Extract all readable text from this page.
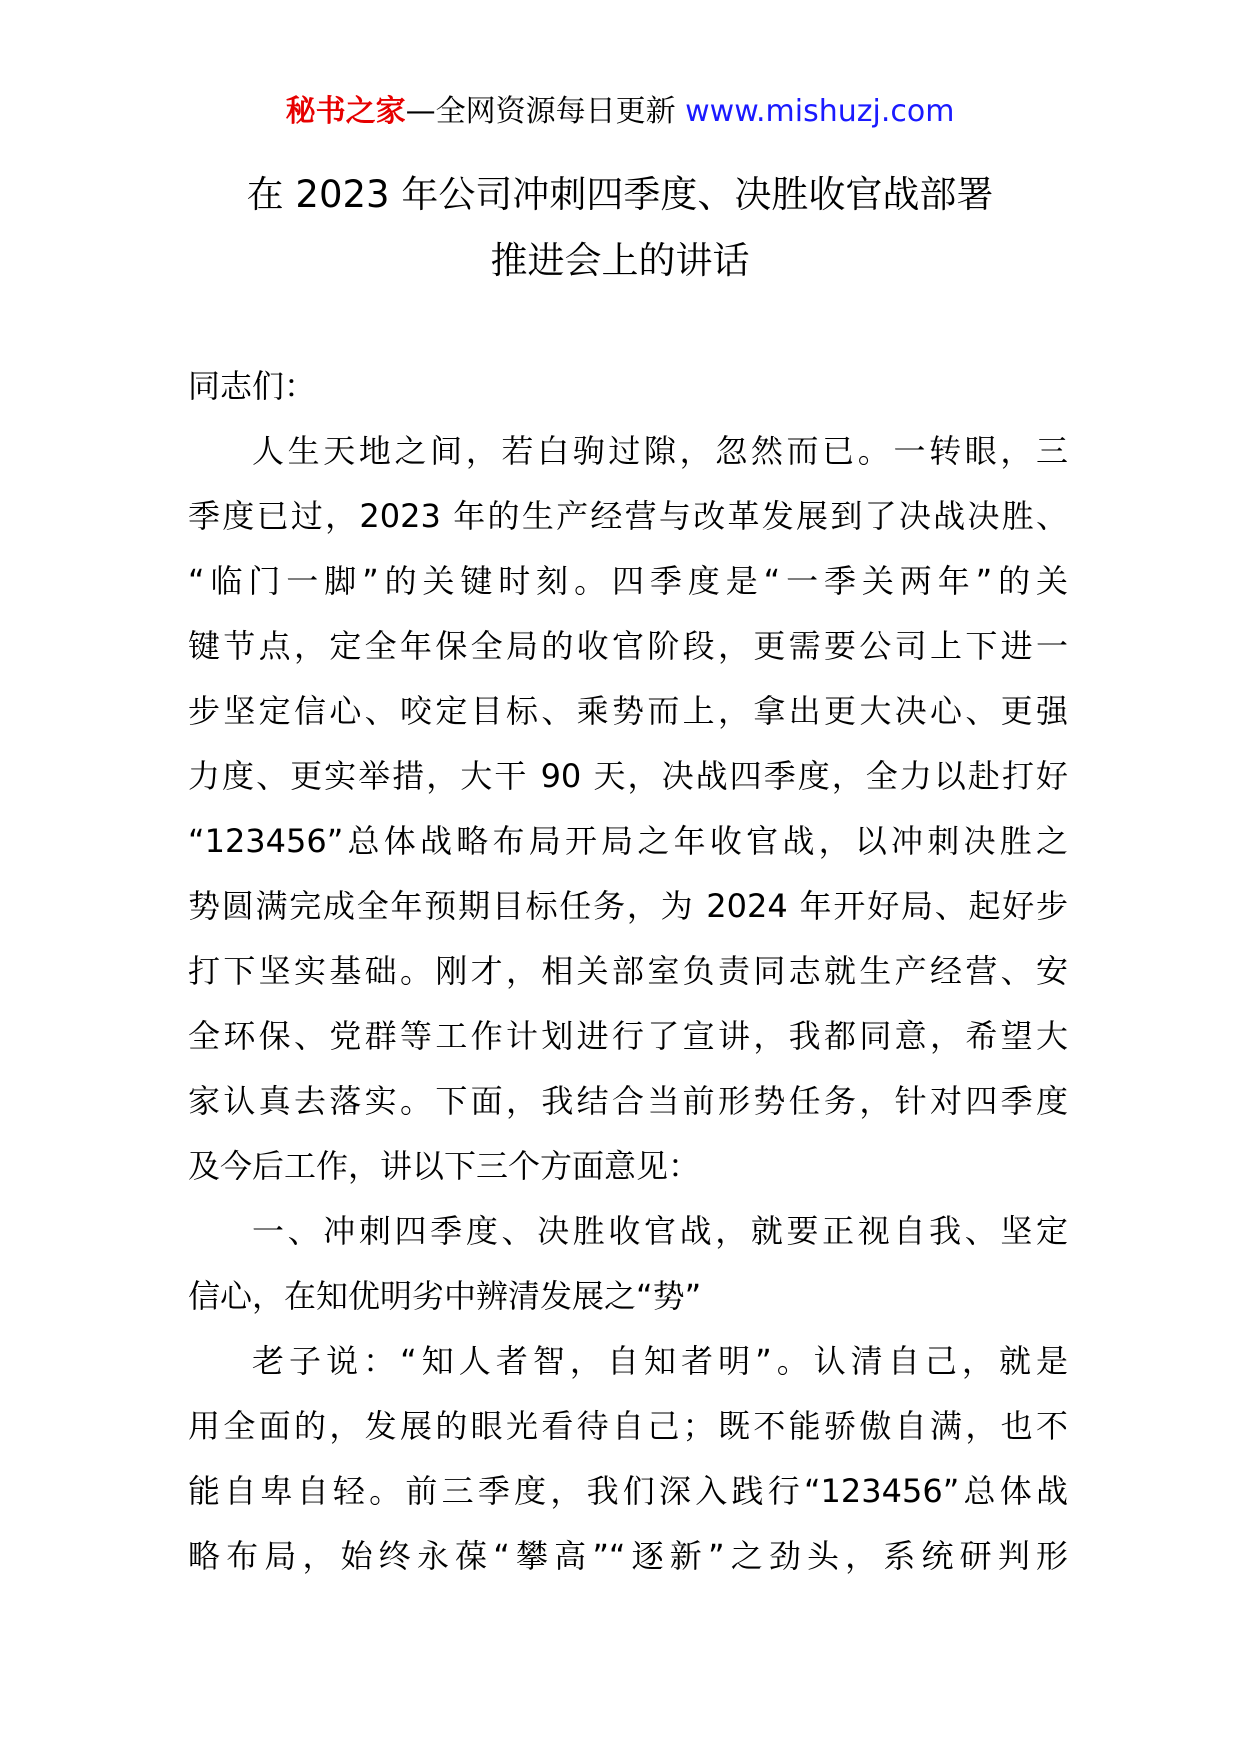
秘书之家—全网资源每日更新 www.mishuzj.com
在 2023 年公司冲刺四季度、决胜收官战部署
推进会上的讲话
同志们：
人生天地之间，若白驹过隙，忽然而已。一转眼，三
季度已过，2023 年的生产经营与改革发展到了决战决胜、
“临门一脚”的关键时刻。四季度是“一季关两年”的关
键节点，定全年保全局的收官阶段，更需要公司上下进一
步坚定信心、咬定目标、乘势而上，拿出更大决心、更强
力度、更实举措，大干 90 天，决战四季度，全力以赴打好
“123456”总体战略布局开局之年收官战，以冲刺决胜之
势圆满完成全年预期目标任务，为 2024 年开好局、起好步
打下坚实基础。刚才，相关部室负责同志就生产经营、安
全环保、党群等工作计划进行了宣讲，我都同意，希望大
家认真去落实。下面，我结合当前形势任务，针对四季度
及今后工作，讲以下三个方面意见：
一、冲刺四季度、决胜收官战，就要正视自我、坚定
信心，在知优明劣中辨清发展之“势”
老子说：“知人者智，自知者明”。认清自己，就是
用全面的，发展的眼光看待自己；既不能骄傲自满，也不
能自卑自轻。前三季度，我们深入践行“123456”总体战
略布局，始终永葆“攀高”“逐新”之劲头，系统研判形
